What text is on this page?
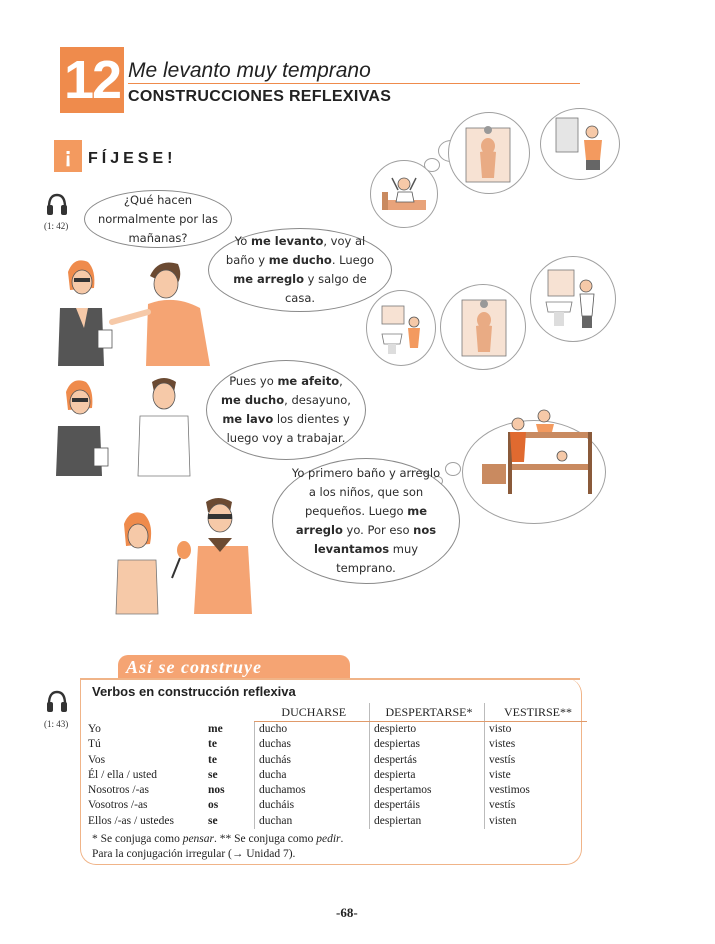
12 Me levanto muy temprano
CONSTRUCCIONES REFLEXIVAS
¡	FÍJESE!
(1: 42)
¿Qué hacen normalmente por las mañanas?	Yo me levanto, voy al baño y me ducho. Luego me arreglo y salgo de casa.
Pues yo me afeito, me ducho, desayuno, me lavo los dientes y luego voy a trabajar.
Yo primero baño y arreglo a los niños, que son pequeños. Luego me arreglo yo. Por eso nos levantamos muy temprano.
Así se construye
(1: 43)
Verbos en construcción reflexiva
		DUCHARSE	DESPERTARSE*	VESTIRSE**
Yo	me	ducho	despierto	visto
Tú	te	duchas	despiertas	vistes
Vos	te	duchás	despertás	vestís
Él / ella / usted	se	ducha	despierta	viste
Nosotros /-as	nos	duchamos	despertamos	vestimos
Vosotros /-as	os	ducháis	despertáis	vestís
Ellos /-as / ustedes	se	duchan	despiertan	visten
* Se conjuga como pensar. ** Se conjuga como pedir.
Para la conjugación irregular (→ Unidad 7).
-68-
